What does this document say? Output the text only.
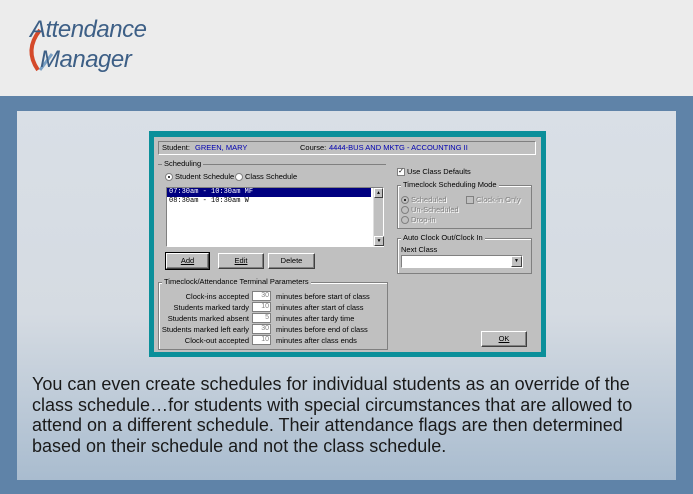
Attendance
Manager
Student: GREEN, MARY	Course: 4444-BUS AND MKTG - ACCOUNTING II
Scheduling
Student Schedule	Class Schedule
07:30am - 10:30am MF
08:30am - 10:30am W
▲
▼
Add	Edit	Delete
✓ Use Class Defaults
Timeclock Scheduling Mode
Scheduled	Clock-in Only
Un-Scheduled
Drop-in
Auto Clock Out/Clock In
Next Class
▼
Timeclock/Attendance Terminal Parameters
Clock-ins accepted	30 minutes before start of class
Students marked tardy	10 minutes after start of class
Students marked absent	5 minutes after tardy time
Students marked left early	30 minutes before end of class
Clock-out accepted	10 minutes after class ends	OK
You can even create schedules for individual students as an override of the class schedule…for students with special circumstances that are allowed to attend on a different schedule. Their attendance flags are then determined based on their schedule and not the class schedule.
